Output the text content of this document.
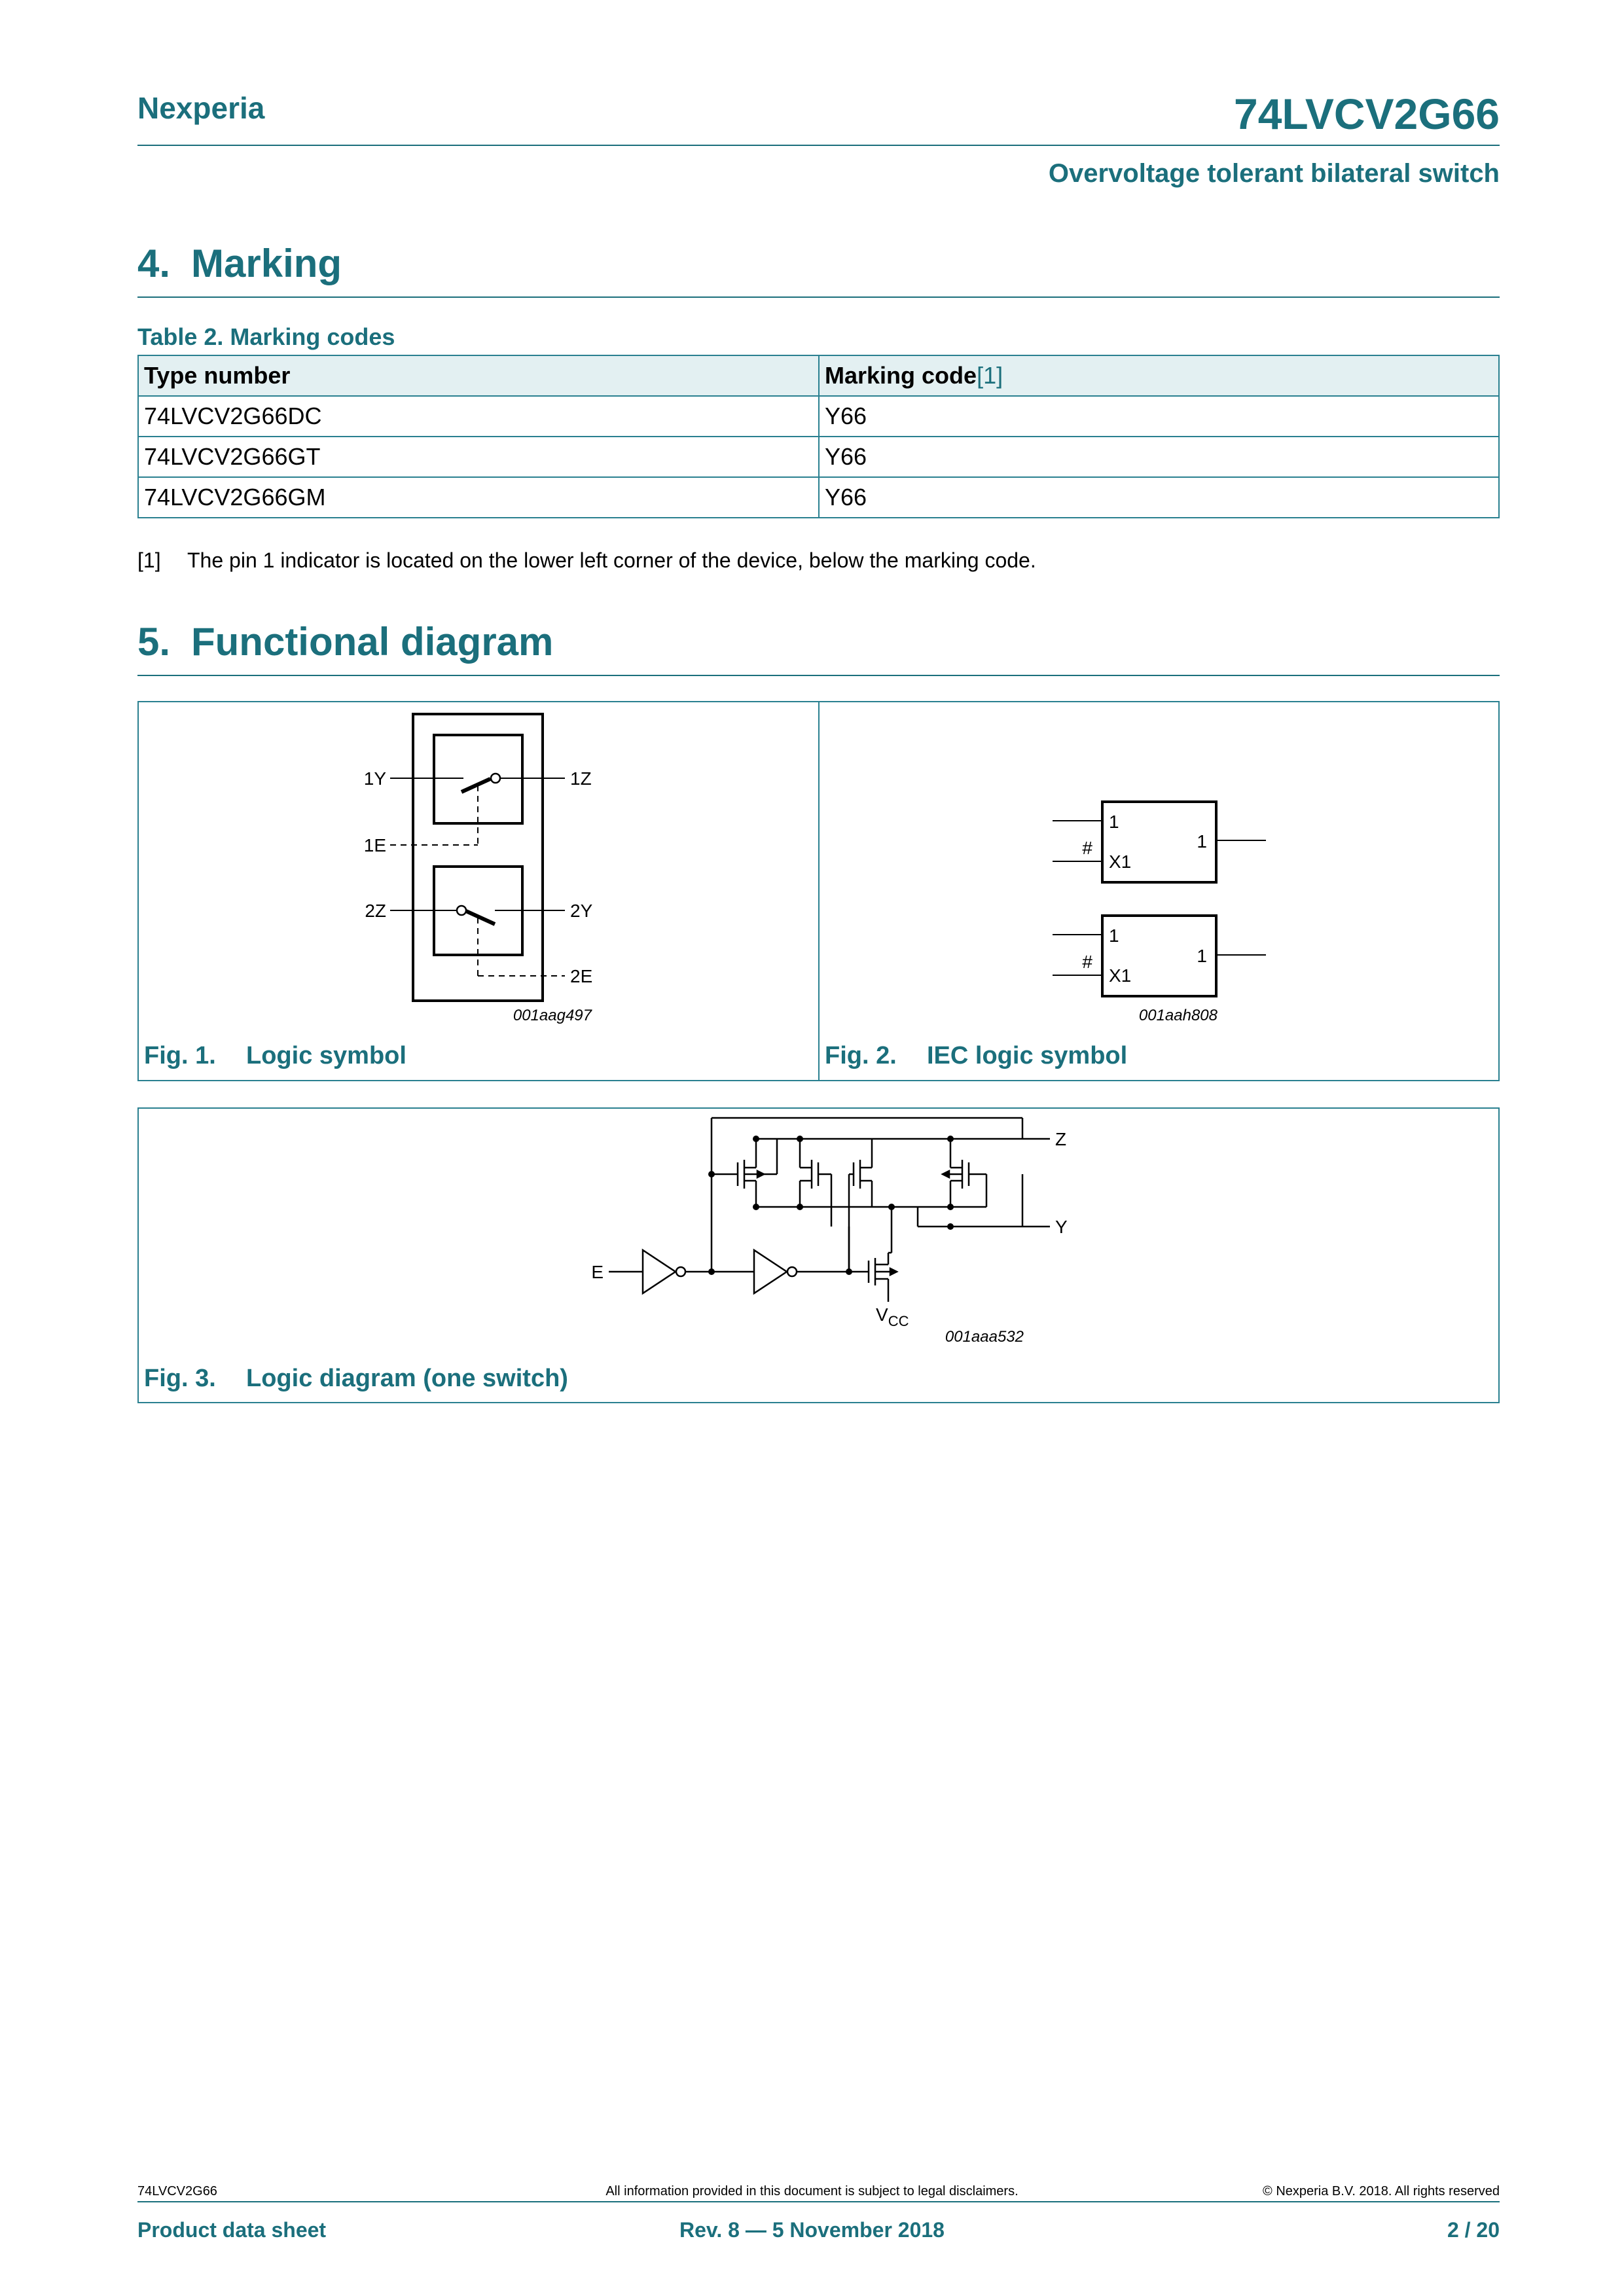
Nexperia	74LVCV2G66
Overvoltage tolerant bilateral switch
4. Marking
Table 2. Marking codes
Type number	Marking code[1]
74LVCV2G66DC	Y66
74LVCV2G66GT	Y66
74LVCV2G66GM	Y66
[1] The pin 1 indicator is located on the lower left corner of the device, below the marking code.
5. Functional diagram
1Y	1Z
1E
2Z	2Y
2E
001aag497
Fig. 1. Logic symbol
1
#
X1
1
1
#
X1
1
001aah808
Fig. 2. IEC logic symbol
Z
Y
E
$V_{CC}$
001aaa532
Fig. 3. Logic diagram (one switch)
74LVCV2G66	All information provided in this document is subject to legal disclaimers.	© Nexperia B.V. 2018. All rights reserved
Product data sheet	Rev. 8 — 5 November 2018	2 / 20
